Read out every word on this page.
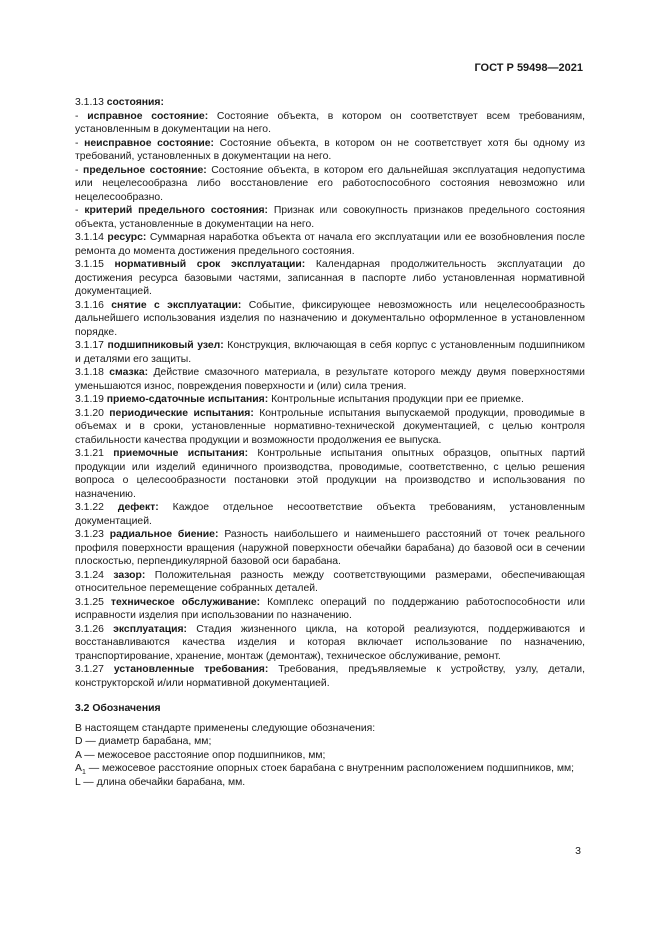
ГОСТ Р 59498—2021

3.1.13 состояния:

- исправное состояние: Состояние объекта, в котором он соответствует всем требованиям, установленным в документации на него.

- неисправное состояние: Состояние объекта, в котором он не соответствует хотя бы одному из требований, установленных в документации на него.

- предельное состояние: Состояние объекта, в котором его дальнейшая эксплуатация недопустима или нецелесообразна либо восстановление его работоспособного состояния невозможно или нецелесообразно.

- критерий предельного состояния: Признак или совокупность признаков предельного состояния объекта, установленные в документации на него.

3.1.14 ресурс: Суммарная наработка объекта от начала его эксплуатации или ее возобновления после ремонта до момента достижения предельного состояния.

3.1.15 нормативный срок эксплуатации: Календарная продолжительность эксплуатации до достижения ресурса базовыми частями, записанная в паспорте либо установленная нормативной документацией.

3.1.16 снятие с эксплуатации: Событие, фиксирующее невозможность или нецелесообразность дальнейшего использования изделия по назначению и документально оформленное в установленном порядке.

3.1.17 подшипниковый узел: Конструкция, включающая в себя корпус с установленным подшипником и деталями его защиты.

3.1.18 смазка: Действие смазочного материала, в результате которого между двумя поверхностями уменьшаются износ, повреждения поверхности и (или) сила трения.

3.1.19 приемо-сдаточные испытания: Контрольные испытания продукции при ее приемке.

3.1.20 периодические испытания: Контрольные испытания выпускаемой продукции, проводимые в объемах и в сроки, установленные нормативно-технической документацией, с целью контроля стабильности качества продукции и возможности продолжения ее выпуска.

3.1.21 приемочные испытания: Контрольные испытания опытных образцов, опытных партий продукции или изделий единичного производства, проводимые, соответственно, с целью решения вопроса о целесообразности постановки этой продукции на производство и использования по назначению.

3.1.22 дефект: Каждое отдельное несоответствие объекта требованиям, установленным документацией.

3.1.23 радиальное биение: Разность наибольшего и наименьшего расстояний от точек реального профиля поверхности вращения (наружной поверхности обечайки барабана) до базовой оси в сечении плоскостью, перпендикулярной базовой оси барабана.

3.1.24 зазор: Положительная разность между соответствующими размерами, обеспечивающая относительное перемещение собранных деталей.

3.1.25 техническое обслуживание: Комплекс операций по поддержанию работоспособности или исправности изделия при использовании по назначению.

3.1.26 эксплуатация: Стадия жизненного цикла, на которой реализуются, поддерживаются и восстанавливаются качества изделия и которая включает использование по назначению, транспортирование, хранение, монтаж (демонтаж), техническое обслуживание, ремонт.

3.1.27 установленные требования: Требования, предъявляемые к устройству, узлу, детали, конструкторской и/или нормативной документацией.

3.2 Обозначения

В настоящем стандарте применены следующие обозначения:

D — диаметр барабана, мм;

A — межосевое расстояние опор подшипников, мм;

$A_1$ — межосевое расстояние опорных стоек барабана с внутренним расположением подшипников, мм;

L — длина обечайки барабана, мм.

3
